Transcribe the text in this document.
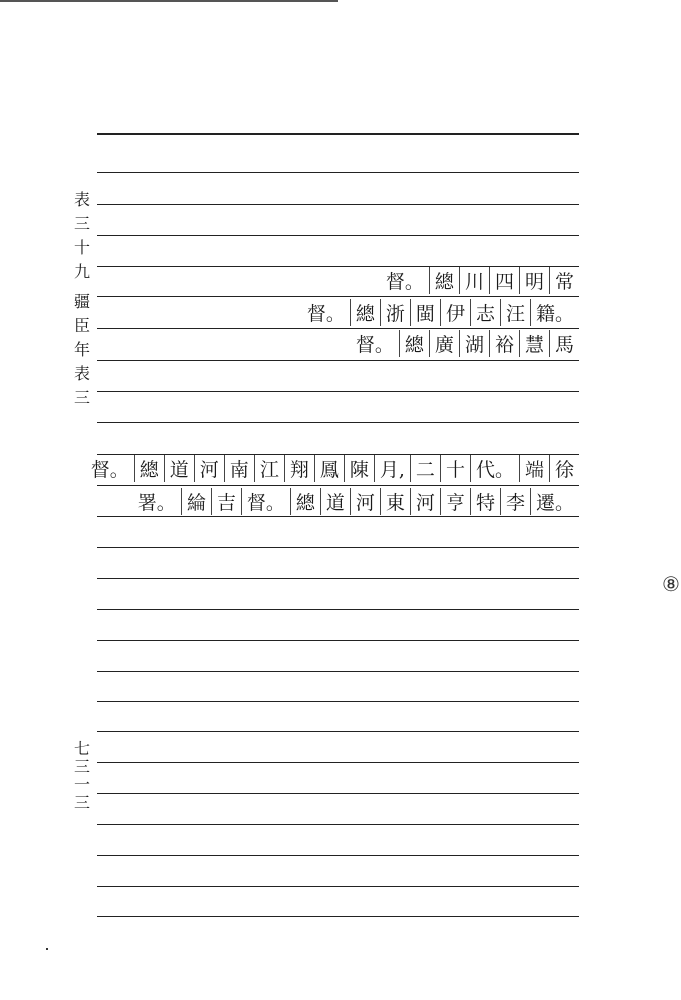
表
三
十
九
疆
臣
年
表
三
七
三
一
三
⑧
督。 總 川 四 明 常
督。 總 浙 閩 伊 志 汪 籍。
督。 總 廣 湖 裕 慧 馬
督。 總 道 河 南 江 翔 鳳 陳 月, 二 十 代。 端 徐
署。 綸 吉 督。 總 道 河 東 河 亨 特 李 遷。
